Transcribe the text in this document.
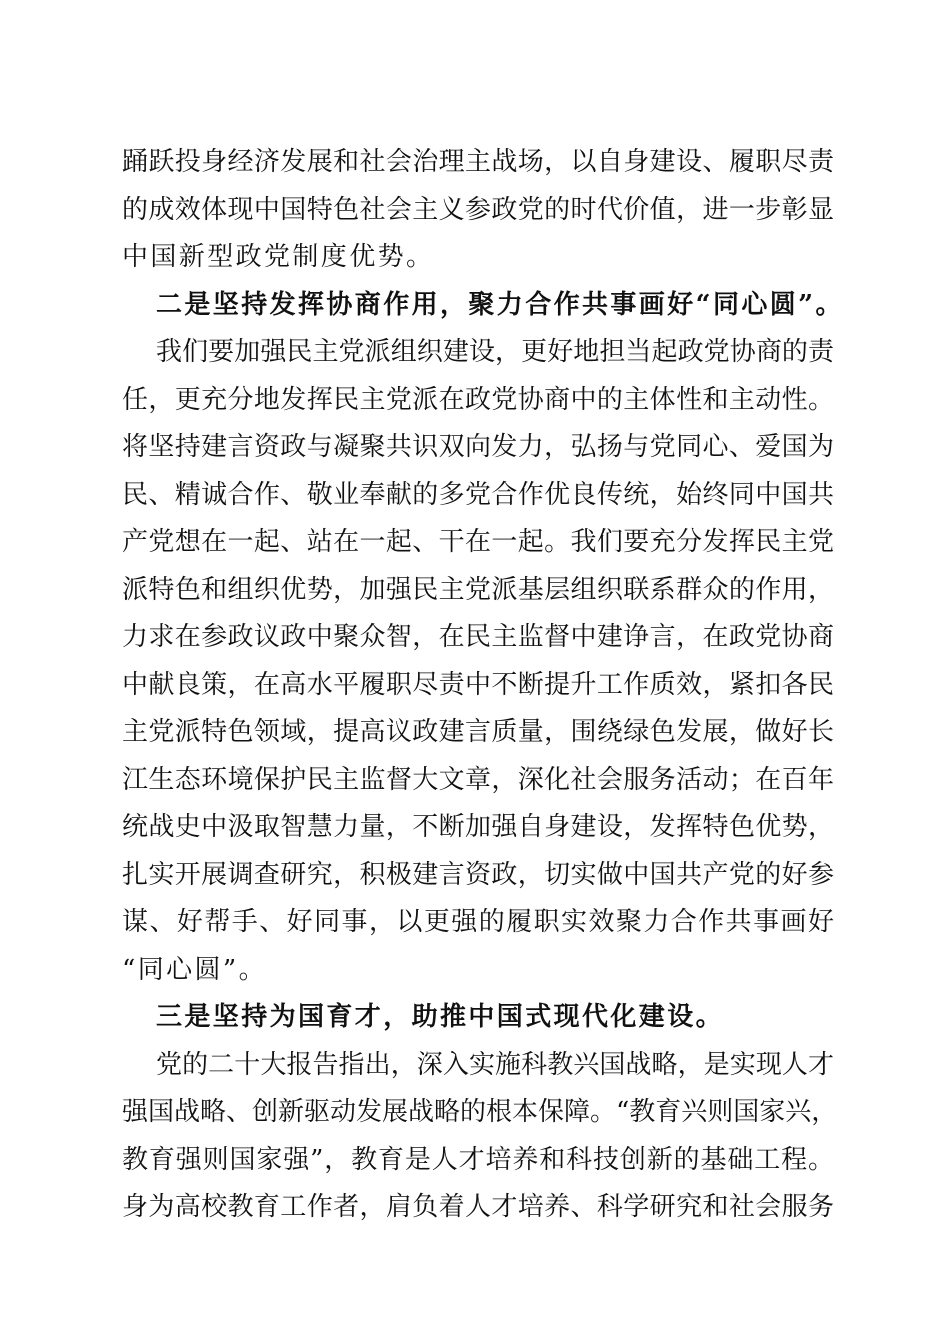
踊跃投身经济发展和社会治理主战场，以自身建设、履职尽责
的成效体现中国特色社会主义参政党的时代价值，进一步彰显
中国新型政党制度优势。
二是坚持发挥协商作用，聚力合作共事画好“同心圆”。
我们要加强民主党派组织建设，更好地担当起政党协商的责
任，更充分地发挥民主党派在政党协商中的主体性和主动性。
将坚持建言资政与凝聚共识双向发力，弘扬与党同心、爱国为
民、精诚合作、敬业奉献的多党合作优良传统，始终同中国共
产党想在一起、站在一起、干在一起。我们要充分发挥民主党
派特色和组织优势，加强民主党派基层组织联系群众的作用，
力求在参政议政中聚众智，在民主监督中建诤言，在政党协商
中献良策，在高水平履职尽责中不断提升工作质效，紧扣各民
主党派特色领域，提高议政建言质量，围绕绿色发展，做好长
江生态环境保护民主监督大文章，深化社会服务活动；在百年
统战史中汲取智慧力量，不断加强自身建设，发挥特色优势，
扎实开展调查研究，积极建言资政，切实做中国共产党的好参
谋、好帮手、好同事，以更强的履职实效聚力合作共事画好
“同心圆”。
三是坚持为国育才，助推中国式现代化建设。
党的二十大报告指出，深入实施科教兴国战略，是实现人才
强国战略、创新驱动发展战略的根本保障。“教育兴则国家兴，
教育强则国家强”，教育是人才培养和科技创新的基础工程。
身为高校教育工作者，肩负着人才培养、科学研究和社会服务
